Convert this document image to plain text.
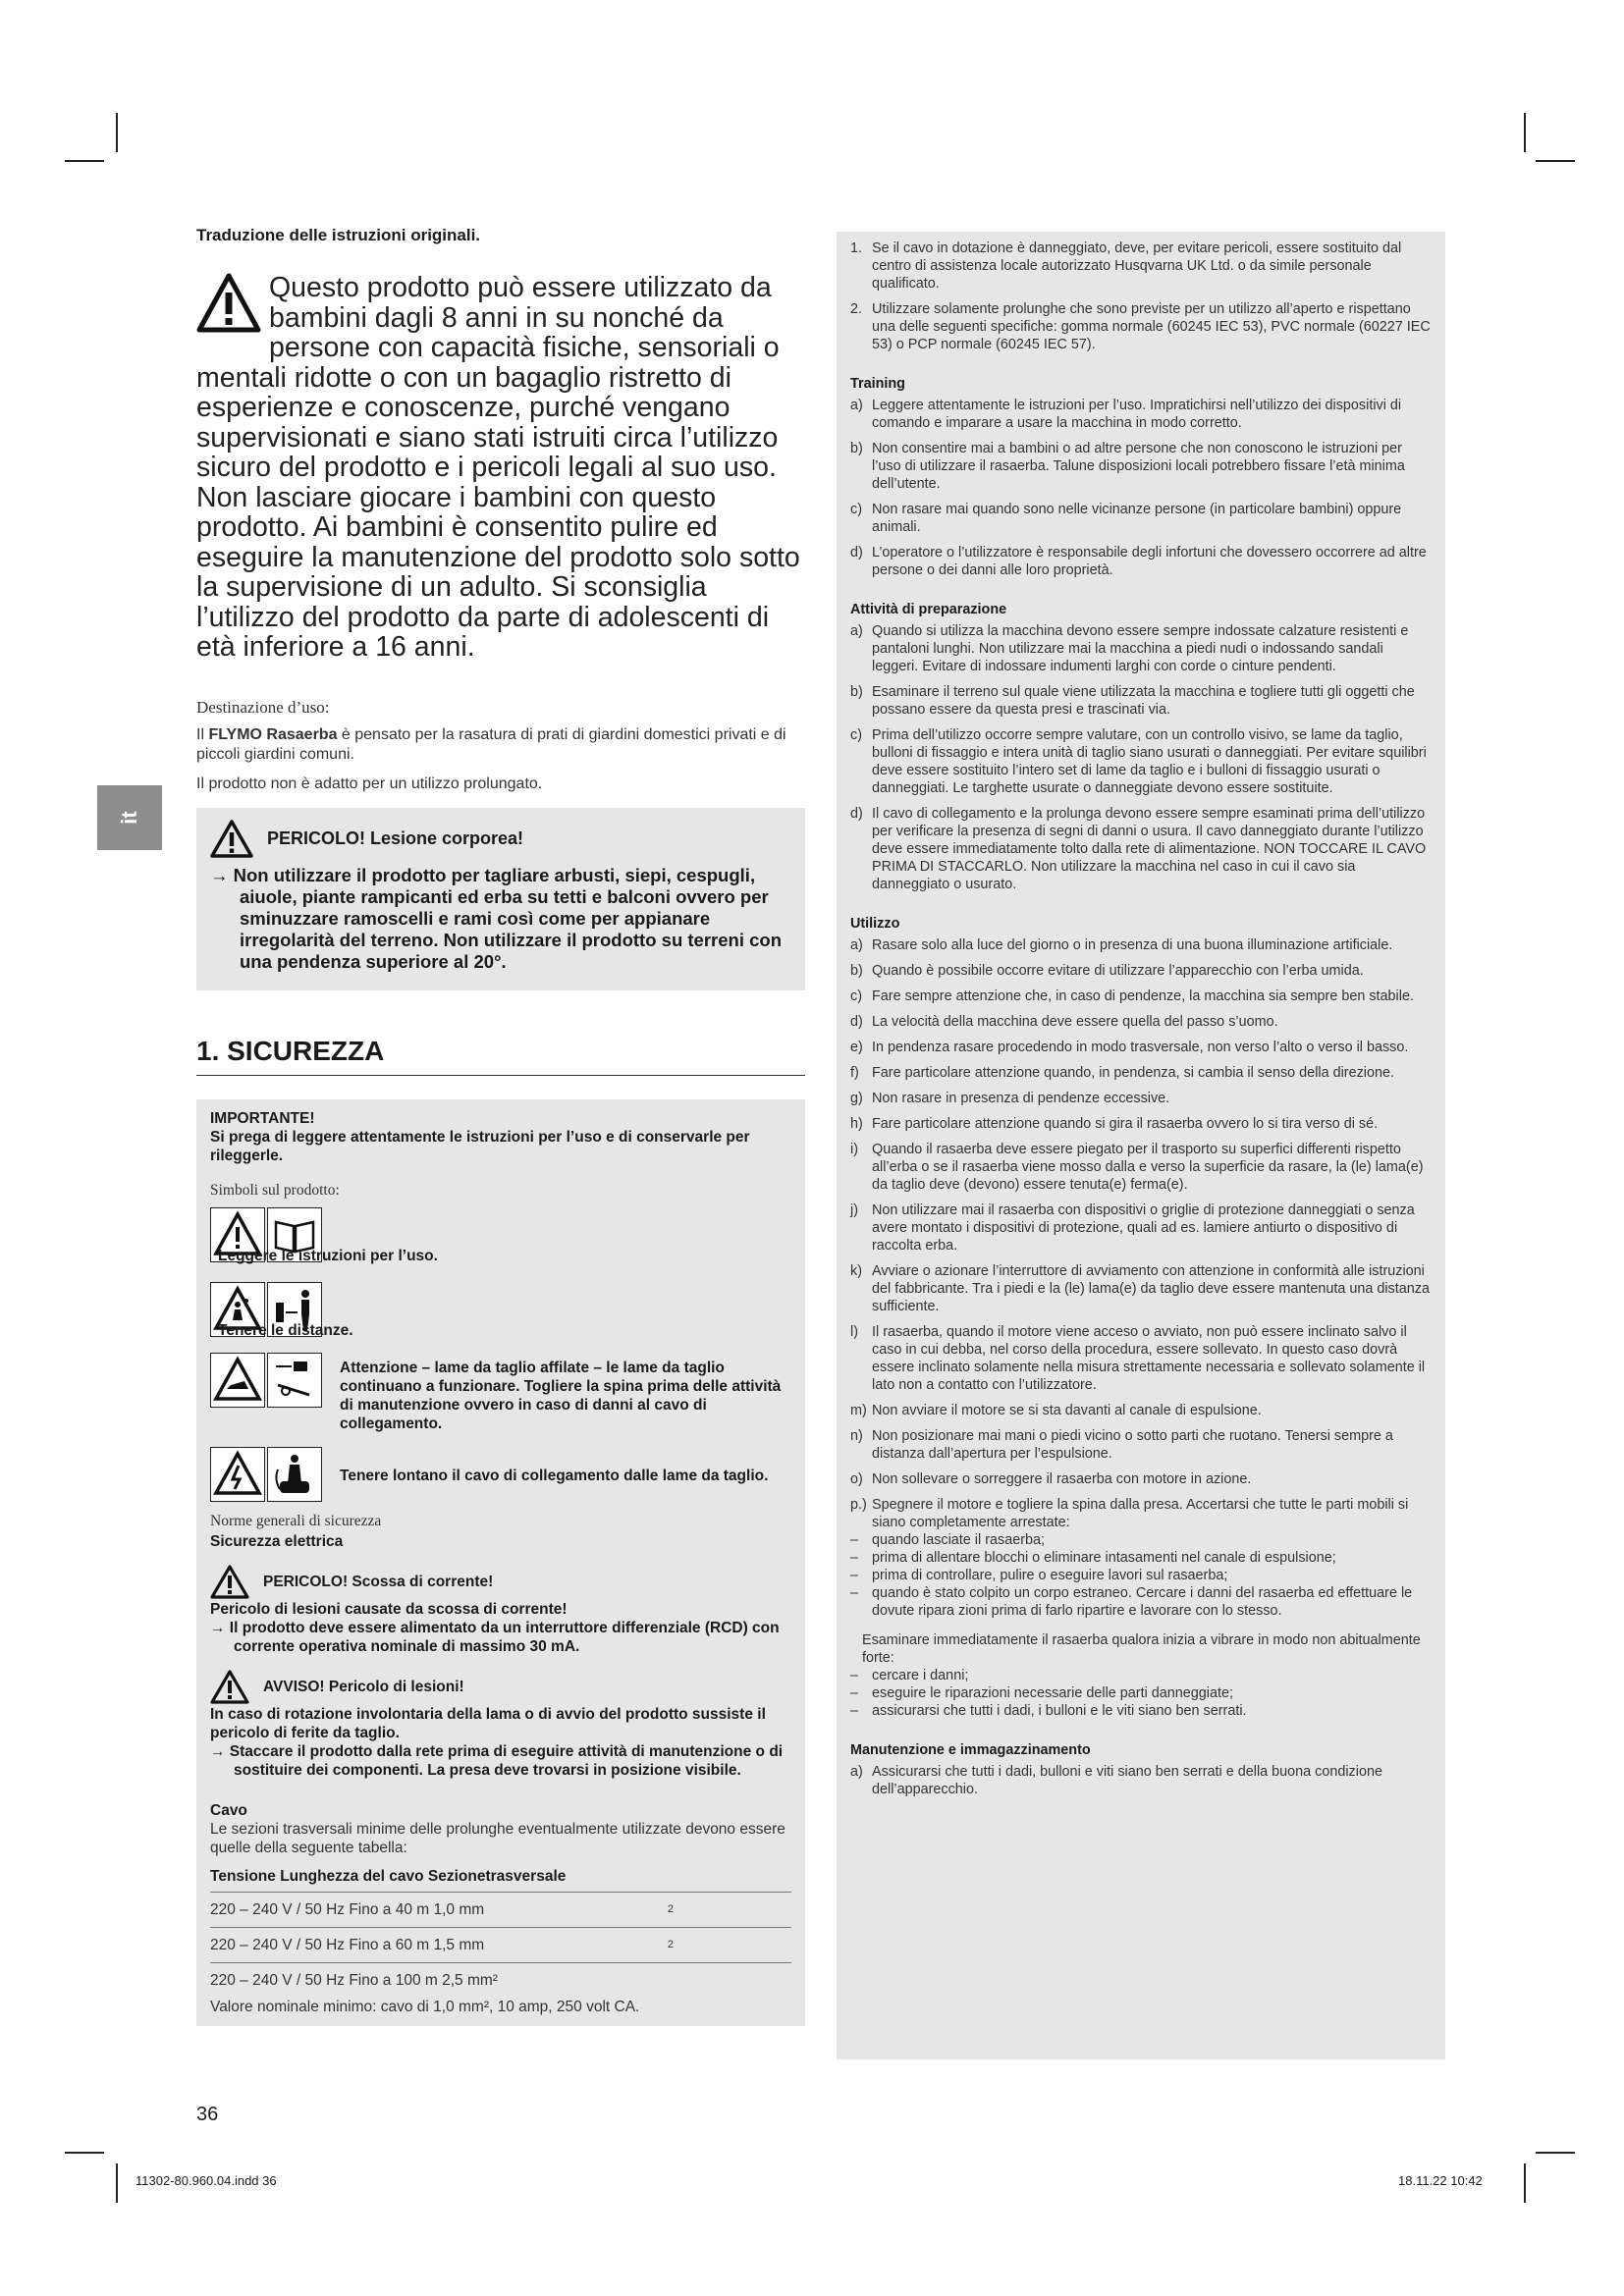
it
Traduzione delle istruzioni originali.
Questo prodotto può essere utilizzato da bambini dagli 8 anni in su nonché da persone con capacità fisiche, sensoriali o mentali ridotte o con un bagaglio ristretto di esperienze e conoscenze, purché vengano supervisionati e siano stati istruiti circa l’utilizzo sicuro del prodotto e i pericoli legali al suo uso. Non lasciare giocare i bambini con questo prodotto. Ai bambini è consentito pulire ed eseguire la manutenzione del prodotto solo sotto la supervisione di un adulto. Si sconsiglia l’utilizzo del prodotto da parte di adolescenti di età inferiore a 16 anni.
Destinazione d’uso:
Il FLYMO Rasaerba è pensato per la rasatura di prati di giardini domestici privati e di piccoli giardini comuni.
Il prodotto non è adatto per un utilizzo prolungato.
PERICOLO! Lesione corporea!
→ Non utilizzare il prodotto per tagliare arbusti, siepi, cespugli, aiuole, piante rampicanti ed erba su tetti e balconi ovvero per sminuzzare ramoscelli e rami così come per appianare irregolarità del terreno. Non utilizzare il prodotto su terreni con una pendenza superiore al 20°.
1. SICUREZZA
IMPORTANTE!
Si prega di leggere attentamente le istruzioni per l’uso e di conservarle per rileggerle.
Simboli sul prodotto:
Leggere le istruzioni per l’uso.
Tenere le distanze.
Attenzione – lame da taglio affilate – le lame da taglio continuano a funzionare. Togliere la spina prima delle attività di manutenzione ovvero in caso di danni al cavo di collegamento.
Tenere lontano il cavo di collegamento dalle lame da taglio.
Norme generali di sicurezza
Sicurezza elettrica
PERICOLO! Scossa di corrente!
Pericolo di lesioni causate da scossa di corrente!
→ Il prodotto deve essere alimentato da un interruttore differenziale (RCD) con corrente operativa nominale di massimo 30 mA.
AVVISO! Pericolo di lesioni!
In caso di rotazione involontaria della lama o di avvio del prodotto sussiste il pericolo di ferite da taglio.
→ Staccare il prodotto dalla rete prima di eseguire attività di manutenzione o di sostituire dei componenti. La presa deve trovarsi in posizione visibile.
Cavo
Le sezioni trasversali minime delle prolunghe eventualmente utilizzate devono essere quelle della seguente tabella:
Tensione Lunghezza del cavo Sezionetrasversale
220 – 240 V / 50 Hz Fino a 40 m 1,0 mm	2
220 – 240 V / 50 Hz Fino a 60 m 1,5 mm	2
220 – 240 V / 50 Hz Fino a 100 m 2,5 mm²
Valore nominale minimo: cavo di 1,0 mm², 10 amp, 250 volt CA.
1. Se il cavo in dotazione è danneggiato, deve, per evitare pericoli, essere sostituito dal centro di assistenza locale autorizzato Husqvarna UK Ltd. o da simile personale qualificato.
2. Utilizzare solamente prolunghe che sono previste per un utilizzo all’aperto e rispettano una delle seguenti specifiche: gomma normale (60245 IEC 53), PVC normale (60227 IEC 53) o PCP normale (60245 IEC 57).
Training
a) Leggere attentamente le istruzioni per l’uso. Impratichirsi nell’utilizzo dei dispositivi di comando e imparare a usare la macchina in modo corretto.
b) Non consentire mai a bambini o ad altre persone che non conoscono le istruzioni per l’uso di utilizzare il rasaerba. Talune disposizioni locali potrebbero fissare l’età minima dell’utente.
c) Non rasare mai quando sono nelle vicinanze persone (in particolare bambini) oppure animali.
d) L’operatore o l’utilizzatore è responsabile degli infortuni che dovessero occorrere ad altre persone o dei danni alle loro proprietà.
Attività di preparazione
a) Quando si utilizza la macchina devono essere sempre indossate calzature resistenti e pantaloni lunghi. Non utilizzare mai la macchina a piedi nudi o indossando sandali leggeri. Evitare di indossare indumenti larghi con corde o cinture pendenti.
b) Esaminare il terreno sul quale viene utilizzata la macchina e togliere tutti gli oggetti che possano essere da questa presi e trascinati via.
c) Prima dell’utilizzo occorre sempre valutare, con un controllo visivo, se lame da taglio, bulloni di fissaggio e intera unità di taglio siano usurati o danneggiati. Per evitare squilibri deve essere sostituito l’intero set di lame da taglio e i bulloni di fissaggio usurati o danneggiati. Le targhette usurate o danneggiate devono essere sostituite.
d) Il cavo di collegamento e la prolunga devono essere sempre esaminati prima dell’utilizzo per verificare la presenza di segni di danni o usura. Il cavo danneggiato durante l’utilizzo deve essere immediatamente tolto dalla rete di alimentazione. NON TOCCARE IL CAVO PRIMA DI STACCARLO. Non utilizzare la macchina nel caso in cui il cavo sia danneggiato o usurato.
Utilizzo
a) Rasare solo alla luce del giorno o in presenza di una buona illuminazione artificiale.
b) Quando è possibile occorre evitare di utilizzare l’apparecchio con l’erba umida.
c) Fare sempre attenzione che, in caso di pendenze, la macchina sia sempre ben stabile.
d) La velocità della macchina deve essere quella del passo s’uomo.
e) In pendenza rasare procedendo in modo trasversale, non verso l’alto o verso il basso.
f) Fare particolare attenzione quando, in pendenza, si cambia il senso della direzione.
g) Non rasare in presenza di pendenze eccessive.
h) Fare particolare attenzione quando si gira il rasaerba ovvero lo si tira verso di sé.
i) Quando il rasaerba deve essere piegato per il trasporto su superfici differenti rispetto all’erba o se il rasaerba viene mosso dalla e verso la superficie da rasare, la (le) lama(e) da taglio deve (devono) essere tenuta(e) ferma(e).
j) Non utilizzare mai il rasaerba con dispositivi o griglie di protezione danneggiati o senza avere montato i dispositivi di protezione, quali ad es. lamiere antiurto o dispositivo di raccolta erba.
k) Avviare o azionare l’interruttore di avviamento con attenzione in conformità alle istruzioni del fabbricante. Tra i piedi e la (le) lama(e) da taglio deve essere mantenuta una distanza sufficiente.
l) Il rasaerba, quando il motore viene acceso o avviato, non può essere inclinato salvo il caso in cui debba, nel corso della procedura, essere sollevato. In questo caso dovrà essere inclinato solamente nella misura strettamente necessaria e sollevato solamente il lato non a contatto con l’utilizzatore.
m) Non avviare il motore se si sta davanti al canale di espulsione.
n) Non posizionare mai mani o piedi vicino o sotto parti che ruotano. Tenersi sempre a distanza dall’apertura per l’espulsione.
o) Non sollevare o sorreggere il rasaerba con motore in azione.
p.) Spegnere il motore e togliere la spina dalla presa. Accertarsi che tutte le parti mobili si siano completamente arrestate:
– quando lasciate il rasaerba;
– prima di allentare blocchi o eliminare intasamenti nel canale di espulsione;
– prima di controllare, pulire o eseguire lavori sul rasaerba;
– quando è stato colpito un corpo estraneo. Cercare i danni del rasaerba ed effettuare le dovute ripara zioni prima di farlo ripartire e lavorare con lo stesso.
Esaminare immediatamente il rasaerba qualora inizia a vibrare in modo non abitualmente forte:
– cercare i danni;
– eseguire le riparazioni necessarie delle parti danneggiate;
– assicurarsi che tutti i dadi, i bulloni e le viti siano ben serrati.
Manutenzione e immagazzinamento
a) Assicurarsi che tutti i dadi, bulloni e viti siano ben serrati e della buona condizione dell’apparecchio.
36
11302-80.960.04.indd 36	18.11.22 10:42
